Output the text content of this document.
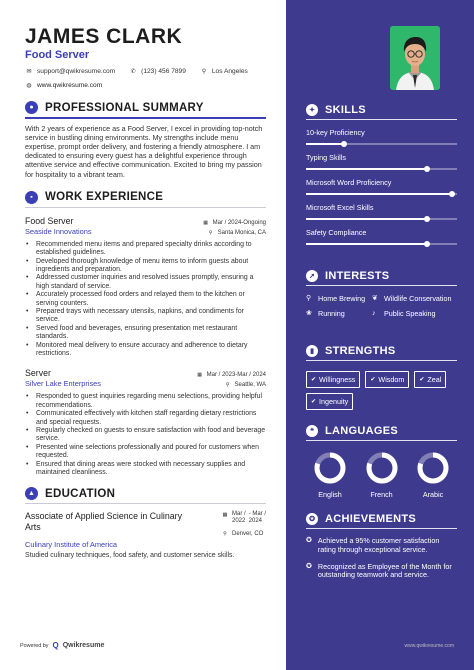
JAMES CLARK
Food Server
✉ support@qwikresume.com	✆ (123) 456 7899	⚲ Los Angeles
◍ www.qwikresume.com
● PROFESSIONAL SUMMARY

With 2 years of experience as a Food Server, I excel in providing top-notch service in bustling dining environments. My strengths include menu expertise, prompt order delivery, and fostering a friendly atmosphere. I am dedicated to ensuring every guest has a delightful experience through attentive service and effective communication. Excited to bring my passion for hospitality to a vibrant team.

▪	WORK EXPERIENCE
Food Server	▦ Mar / 2024-Ongoing
Seaside Innovations	⚲ Santa Monica, CA
• Recommended menu items and prepared specialty drinks according to established guidelines.
• Developed thorough knowledge of menu items to inform guests about ingredients and preparation.
• Addressed customer inquiries and resolved issues promptly, ensuring a high standard of service.
• Accurately processed food orders and relayed them to the kitchen or serving counters.
• Prepared trays with necessary utensils, napkins, and condiments for service.
• Served food and beverages, ensuring presentation met restaurant standards.
• Monitored meal delivery to ensure accuracy and adherence to dietary restrictions.
Server	▦ Mar / 2023-Mar / 2024
Silver Lake Enterprises	⚲ Seattle, WA
• Responded to guest inquiries regarding menu selections, providing helpful recommendations.
• Communicated effectively with kitchen staff regarding dietary restrictions and special requests.
• Regularly checked on guests to ensure satisfaction with food and beverage service.
• Presented wine selections professionally and poured for customers when requested.
• Ensured that dining areas were stocked with necessary supplies and maintained cleanliness.
▲ EDUCATION
Associate of Applied Science in Culinary Arts
▦ Mar /
2022
- Mar /
2024
⚲ Denver, CO
Culinary Institute of America
Studied culinary techniques, food safety, and customer service skills.
Powered by Q Qwikresume
✦ SKILLS
10-key Proficiency
Typing Skills
Microsoft Word Proficiency
Microsoft Excel Skills
Safety Compliance
➚ INTERESTS
⚲ Home Brewing ❦ Wildlife Conservation
❀ Running	♪	Public Speaking
▮	STRENGTHS
✔ Willingness	✔ Wisdom	✔ Zeal
✔ Ingenuity
❝	LANGUAGES
English	French	Arabic
✪ ACHIEVEMENTS
✪ Achieved a 95% customer satisfaction rating through exceptional service.
✪ Recognized as Employee of the Month for outstanding teamwork and service.
www.qwikresume.com
